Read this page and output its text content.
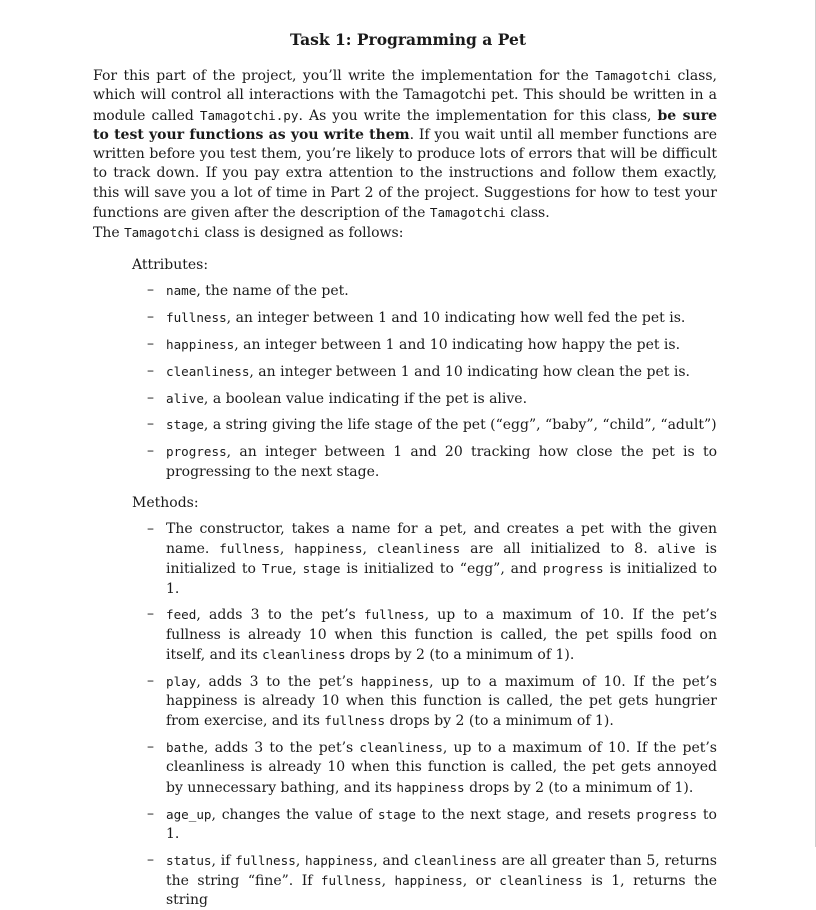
Task 1: Programming a Pet
For this part of the project, you’ll write the implementation for the Tamagotchi class, which will control all interactions with the Tamagotchi pet. This should be written in a module called Tamagotchi.py. As you write the implementation for this class, be sure to test your functions as you write them. If you wait until all member functions are written before you test them, you’re likely to produce lots of errors that will be difficult to track down. If you pay extra attention to the instructions and follow them exactly, this will save you a lot of time in Part 2 of the project. Suggestions for how to test your functions are given after the description of the Tamagotchi class.
The Tamagotchi class is designed as follows:
Attributes:
– name, the name of the pet.
– fullness, an integer between 1 and 10 indicating how well fed the pet is.
– happiness, an integer between 1 and 10 indicating how happy the pet is.
– cleanliness, an integer between 1 and 10 indicating how clean the pet is.
– alive, a boolean value indicating if the pet is alive.
– stage, a string giving the life stage of the pet (“egg”, “baby”, “child”, “adult”)
– progress, an integer between 1 and 20 tracking how close the pet is to progressing to the next stage.
Methods:
– The constructor, takes a name for a pet, and creates a pet with the given name. fullness, happiness, cleanliness are all initialized to 8. alive is initialized to True, stage is initialized to “egg”, and progress is initialized to 1.
– feed, adds 3 to the pet’s fullness, up to a maximum of 10. If the pet’s fullness is already 10 when this function is called, the pet spills food on itself, and its cleanliness drops by 2 (to a minimum of 1).
– play, adds 3 to the pet’s happiness, up to a maximum of 10. If the pet’s happiness is already 10 when this function is called, the pet gets hungrier from exercise, and its fullness drops by 2 (to a minimum of 1).
– bathe, adds 3 to the pet’s cleanliness, up to a maximum of 10. If the pet’s cleanliness is already 10 when this function is called, the pet gets annoyed by unnecessary bathing, and its happiness drops by 2 (to a minimum of 1).
– age_up, changes the value of stage to the next stage, and resets progress to 1.
– status, if fullness, happiness, and cleanliness are all greater than 5, returns the string “fine”. If fullness, happiness, or cleanliness is 1, returns the string
